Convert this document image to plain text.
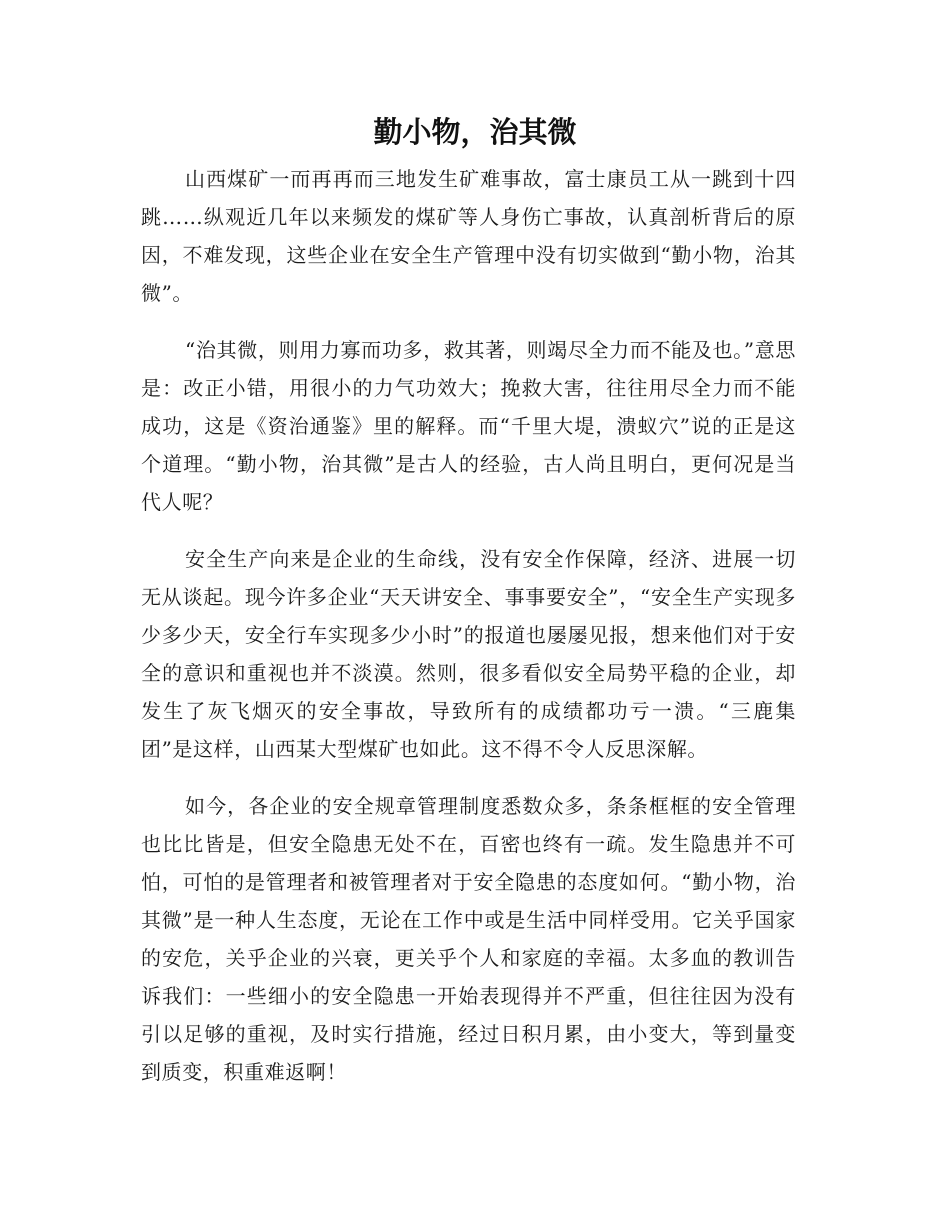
勤小物，治其微

山西煤矿一而再再而三地发生矿难事故，富士康员工从一跳到十四跳……纵观近几年以来频发的煤矿等人身伤亡事故，认真剖析背后的原因，不难发现，这些企业在安全生产管理中没有切实做到“勤小物，治其微”。

“治其微，则用力寡而功多，救其著，则竭尽全力而不能及也。”意思是：改正小错，用很小的力气功效大；挽救大害，往往用尽全力而不能成功，这是《资治通鉴》里的解释。而“千里大堤，溃蚁穴”说的正是这个道理。“勤小物，治其微”是古人的经验，古人尚且明白，更何况是当代人呢？

安全生产向来是企业的生命线，没有安全作保障，经济、进展一切无从谈起。现今许多企业“天天讲安全、事事要安全”，“安全生产实现多少多少天，安全行车实现多少小时”的报道也屡屡见报，想来他们对于安全的意识和重视也并不淡漠。然则，很多看似安全局势平稳的企业，却发生了灰飞烟灭的安全事故，导致所有的成绩都功亏一溃。“三鹿集团”是这样，山西某大型煤矿也如此。这不得不令人反思深解。

如今，各企业的安全规章管理制度悉数众多，条条框框的安全管理也比比皆是，但安全隐患无处不在，百密也终有一疏。发生隐患并不可怕，可怕的是管理者和被管理者对于安全隐患的态度如何。“勤小物，治其微”是一种人生态度，无论在工作中或是生活中同样受用。它关乎国家的安危，关乎企业的兴衰，更关乎个人和家庭的幸福。太多血的教训告诉我们：一些细小的安全隐患一开始表现得并不严重，但往往因为没有引以足够的重视，及时实行措施，经过日积月累，由小变大，等到量变到质变，积重难返啊！
